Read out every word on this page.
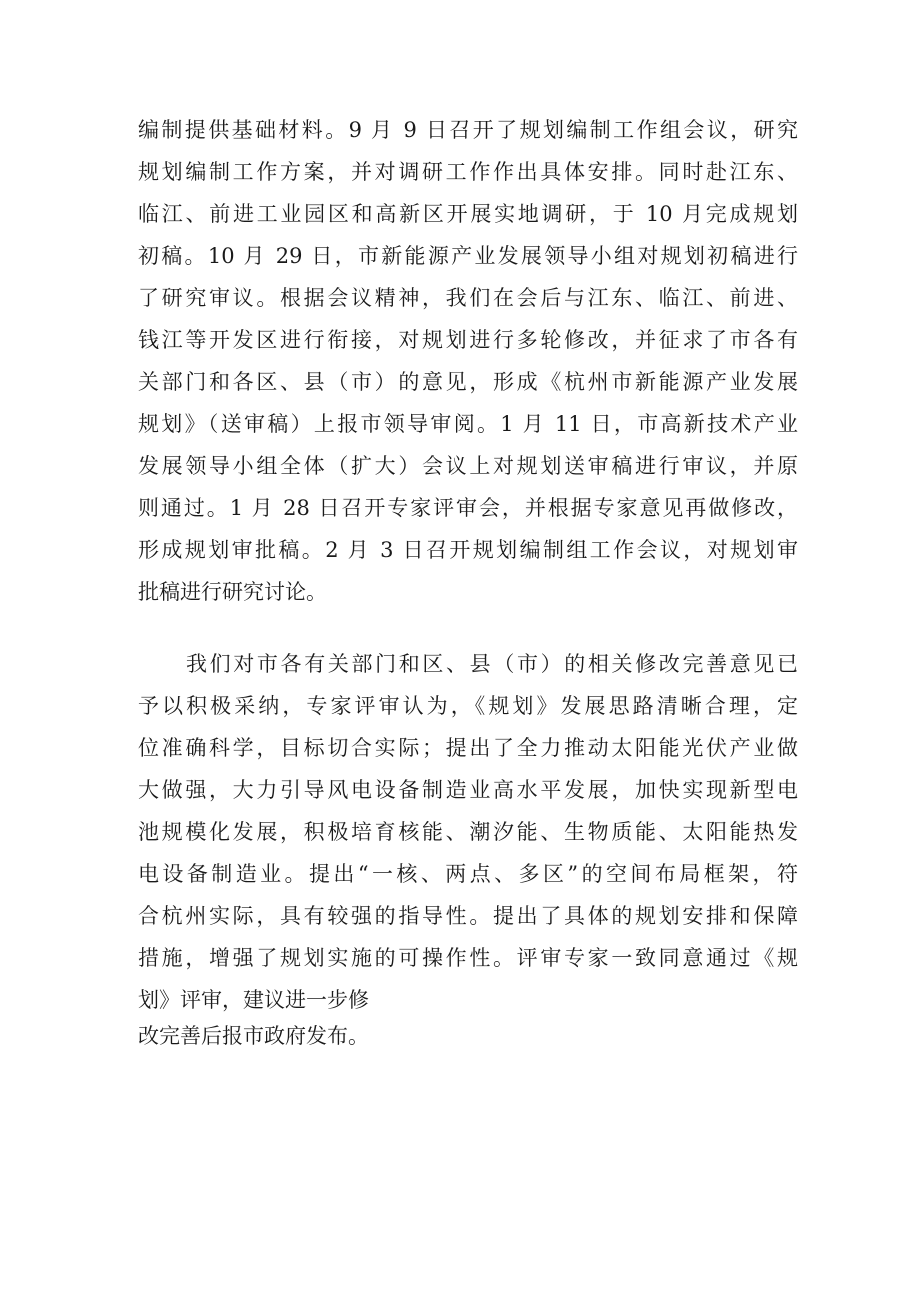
编制提供基础材料。9 月 9 日召开了规划编制工作组会议，研究
规划编制工作方案，并对调研工作作出具体安排。同时赴江东、
临江、前进工业园区和高新区开展实地调研，于 10 月完成规划
初稿。10 月 29 日，市新能源产业发展领导小组对规划初稿进行
了研究审议。根据会议精神，我们在会后与江东、临江、前进、
钱江等开发区进行衔接，对规划进行多轮修改，并征求了市各有
关部门和各区、县（市）的意见，形成《杭州市新能源产业发展
规划》（送审稿）上报市领导审阅。1 月 11 日，市高新技术产业
发展领导小组全体（扩大）会议上对规划送审稿进行审议，并原
则通过。1 月 28 日召开专家评审会，并根据专家意见再做修改，
形成规划审批稿。2 月 3 日召开规划编制组工作会议，对规划审
批稿进行研究讨论。
我们对市各有关部门和区、县（市）的相关修改完善意见已
予以积极采纳，专家评审认为，《规划》发展思路清晰合理，定
位准确科学，目标切合实际；提出了全力推动太阳能光伏产业做
大做强，大力引导风电设备制造业高水平发展，加快实现新型电
池规模化发展，积极培育核能、潮汐能、生物质能、太阳能热发
电设备制造业。提出“一核、两点、多区”的空间布局框架，符
合杭州实际，具有较强的指导性。提出了具体的规划安排和保障
措施，增强了规划实施的可操作性。评审专家一致同意通过《规
划》评审，建议进一步修
改完善后报市政府发布。
